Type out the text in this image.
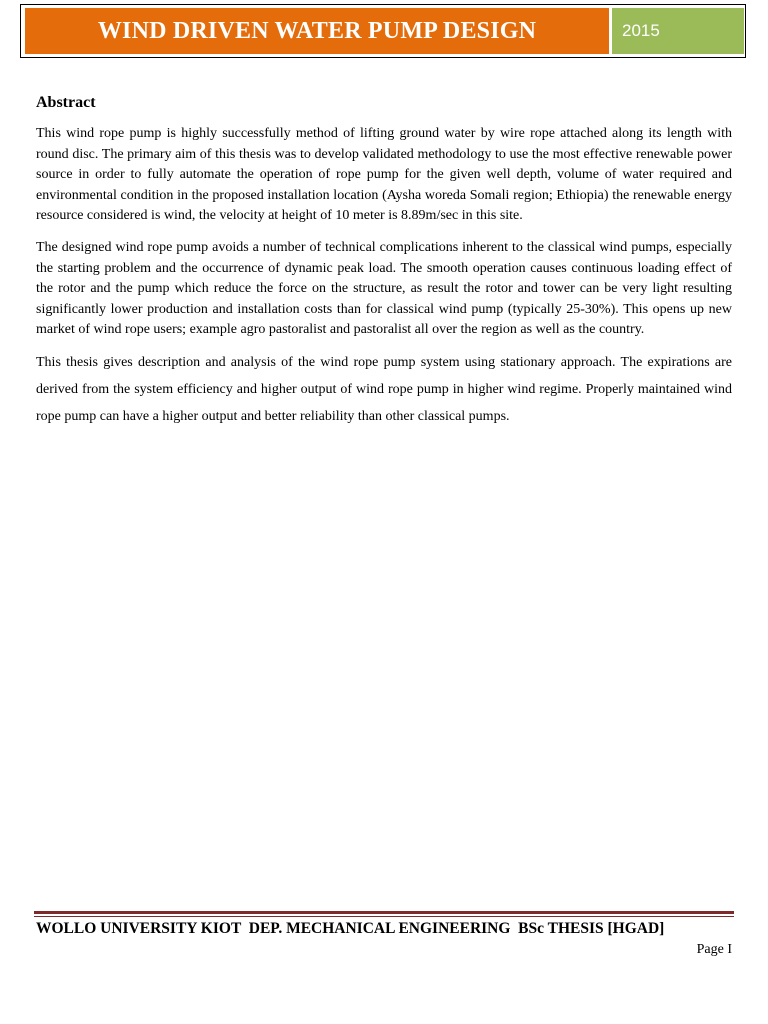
WIND DRIVEN WATER PUMP DESIGN	2015
Abstract

This wind rope pump is highly successfully method of lifting ground water by wire rope attached along its length with round disc. The primary aim of this thesis was to develop validated methodology to use the most effective renewable power source in order to fully automate the operation of rope pump for the given well depth, volume of water required and environmental condition in the proposed installation location (Aysha woreda Somali region; Ethiopia) the renewable energy resource considered is wind, the velocity at height of 10 meter is 8.89m/sec in this site.

The designed wind rope pump avoids a number of technical complications inherent to the classical wind pumps, especially the starting problem and the occurrence of dynamic peak load. The smooth operation causes continuous loading effect of the rotor and the pump which reduce the force on the structure, as result the rotor and tower can be very light resulting significantly lower production and installation costs than for classical wind pump (typically 25-30%). This opens up new market of wind rope users; example agro pastoralist and pastoralist all over the region as well as the country.

This thesis gives description and analysis of the wind rope pump system using stationary approach. The expirations are derived from the system efficiency and higher output of wind rope pump in higher wind regime. Properly maintained wind rope pump can have a higher output and better reliability than other classical pumps.

WOLLO UNIVERSITY KIOT  DEP. MECHANICAL ENGINEERING  BSc THESIS [HGAD]
Page I
